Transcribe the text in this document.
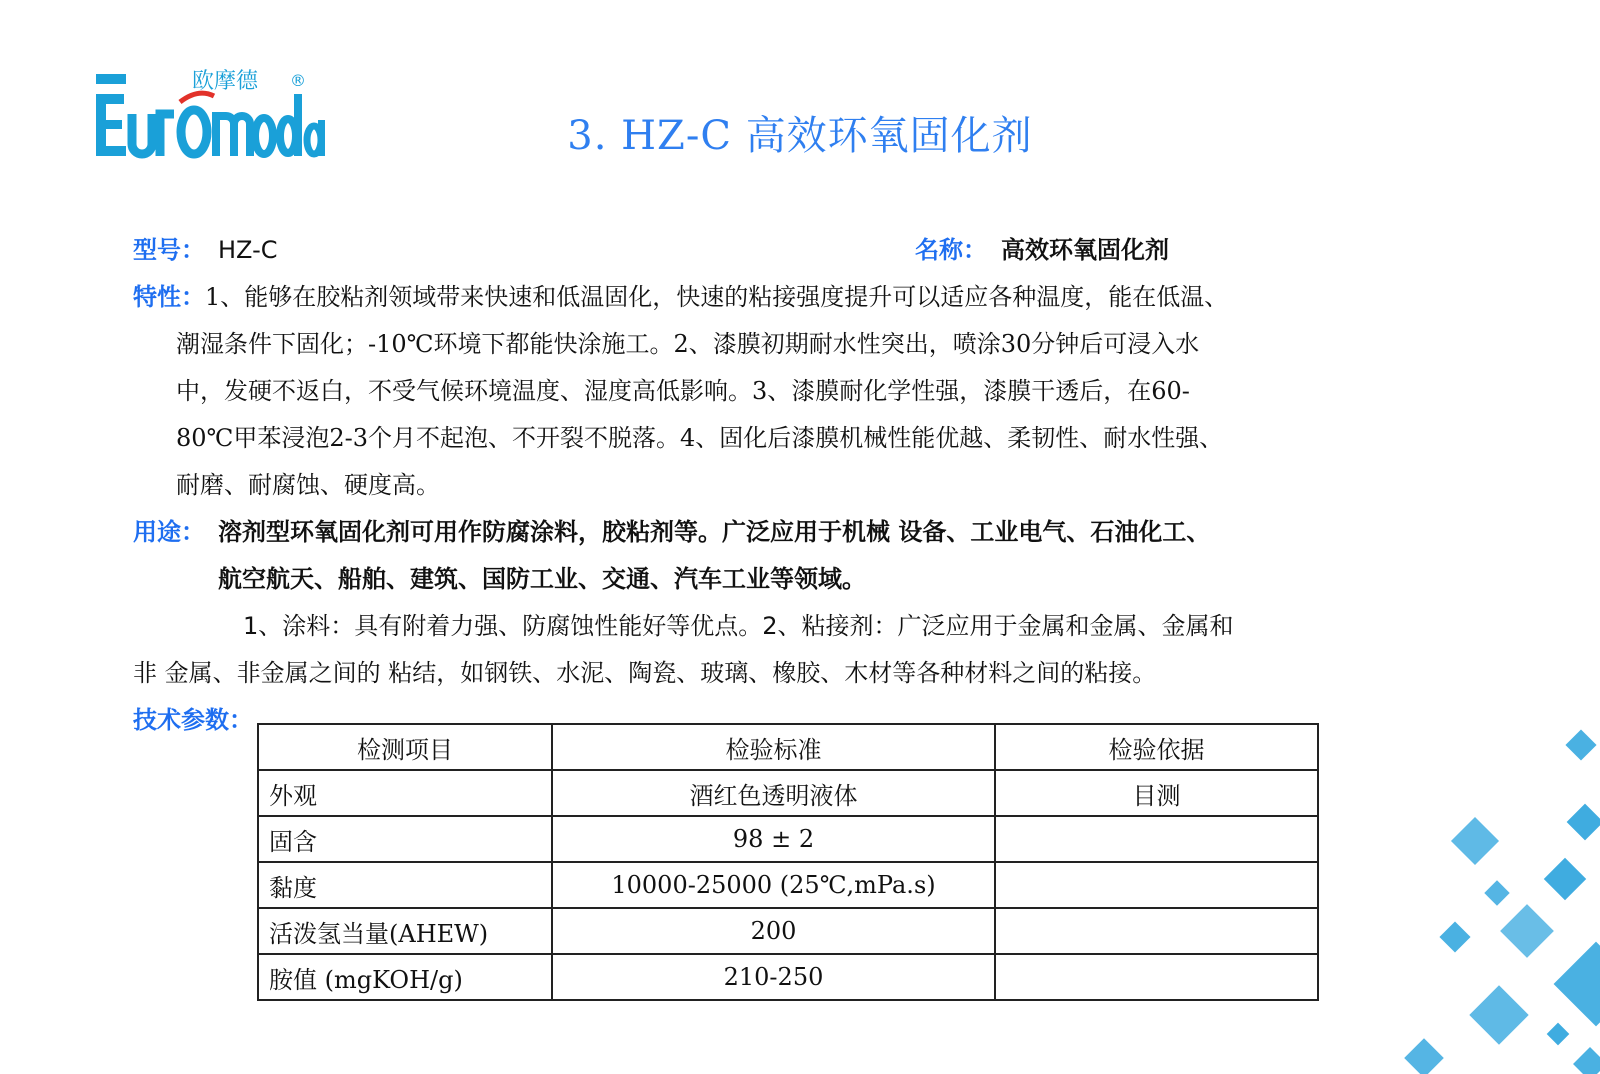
欧摩德 ®
Euromoda
3. HZ-C 高效环氧固化剂
型号： HZ-C	名称： 高效环氧固化剂
特性：1、能够在胶粘剂领域带来快速和低温固化，快速的粘接强度提升可以适应各种温度，能在低温、
潮湿条件下固化；-10℃环境下都能快涂施工。2、漆膜初期耐水性突出，喷涂30分钟后可浸入水
中，发硬不返白，不受气候环境温度、湿度高低影响。3、漆膜耐化学性强，漆膜干透后，在60-
80℃甲苯浸泡2-3个月不起泡、不开裂不脱落。4、固化后漆膜机械性能优越、柔韧性、耐水性强、
耐磨、耐腐蚀、硬度高。
用途： 溶剂型环氧固化剂可用作防腐涂料，胶粘剂等。广泛应用于机械 设备、工业电气、石油化工、
航空航天、船舶、建筑、国防工业、交通、汽车工业等领域。
1、涂料：具有附着力强、防腐蚀性能好等优点。2、粘接剂：广泛应用于金属和金属、金属和
非 金属、非金属之间的 粘结，如钢铁、水泥、陶瓷、玻璃、橡胶、木材等各种材料之间的粘接。
技术参数：
检测项目	检验标准	检验依据
外观	酒红色透明液体	目测
固含	98 ± 2	
黏度	10000-25000 (25℃,mPa.s)	
活泼氢当量(AHEW)	200	
胺值 (mgKOH/g)	210-250	
